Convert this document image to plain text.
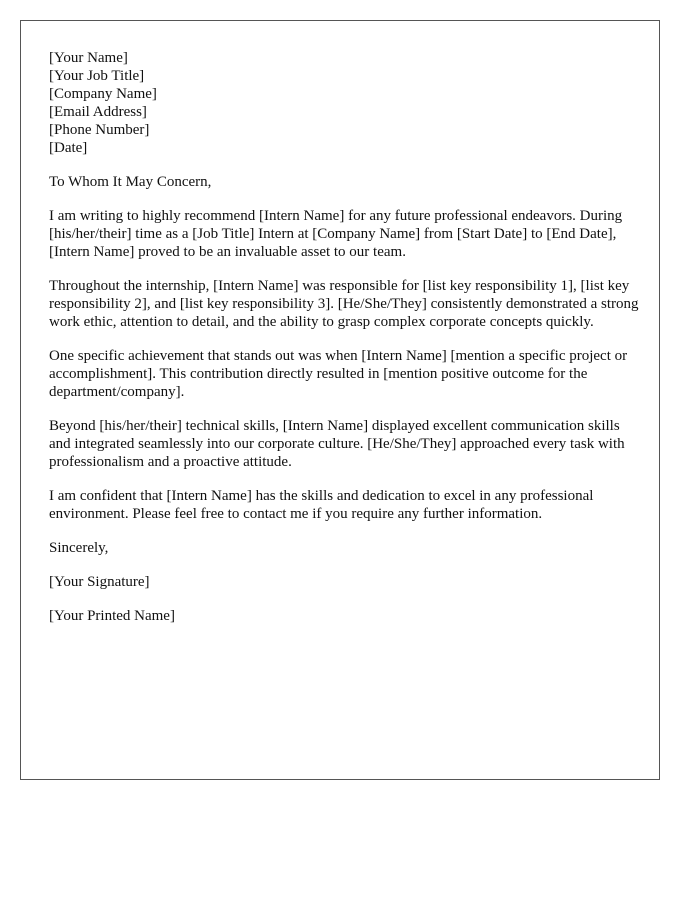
[Your Name]
[Your Job Title]
[Company Name]
[Email Address]
[Phone Number]
[Date]

To Whom It May Concern,

I am writing to highly recommend [Intern Name] for any future professional endeavors. During [his/her/their] time as a [Job Title] Intern at [Company Name] from [Start Date] to [End Date], [Intern Name] proved to be an invaluable asset to our team.

Throughout the internship, [Intern Name] was responsible for [list key responsibility 1], [list key responsibility 2], and [list key responsibility 3]. [He/She/They] consistently demonstrated a strong work ethic, attention to detail, and the ability to grasp complex corporate concepts quickly.

One specific achievement that stands out was when [Intern Name] [mention a specific project or accomplishment]. This contribution directly resulted in [mention positive outcome for the department/company].

Beyond [his/her/their] technical skills, [Intern Name] displayed excellent communication skills and integrated seamlessly into our corporate culture. [He/She/They] approached every task with professionalism and a proactive attitude.

I am confident that [Intern Name] has the skills and dedication to excel in any professional environment. Please feel free to contact me if you require any further information.

Sincerely,

[Your Signature]

[Your Printed Name]
